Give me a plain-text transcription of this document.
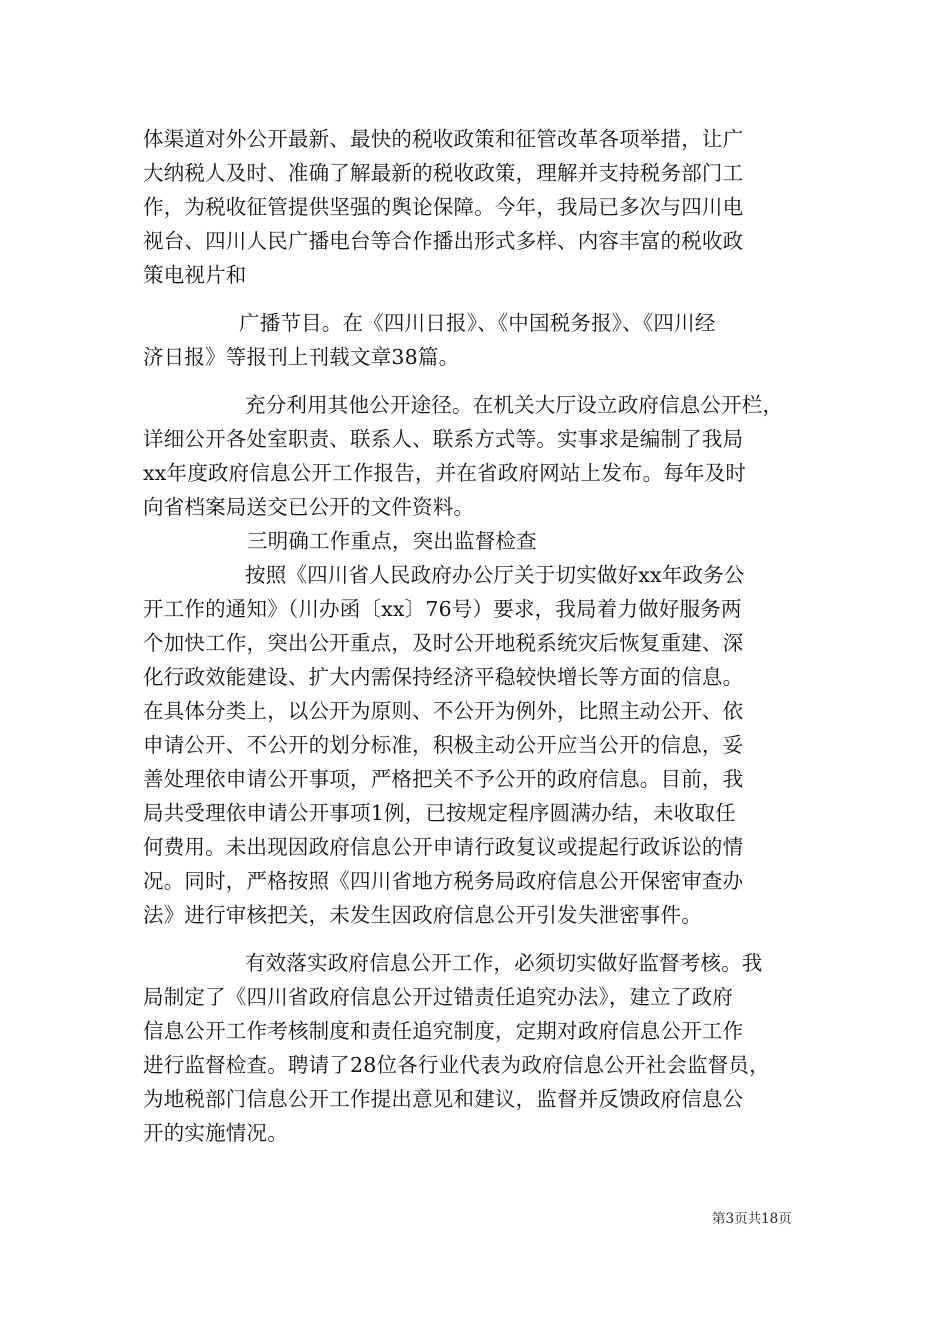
体渠道对外公开最新、最快的税收政策和征管改革各项举措，让广
大纳税人及时、准确了解最新的税收政策，理解并支持税务部门工
作，为税收征管提供坚强的舆论保障。今年，我局已多次与四川电
视台、四川人民广播电台等合作播出形式多样、内容丰富的税收政
策电视片和
广播节目。在《四川日报》、《中国税务报》、《四川经
济日报》等报刊上刊载文章38篇。
充分利用其他公开途径。在机关大厅设立政府信息公开栏，
详细公开各处室职责、联系人、联系方式等。实事求是编制了我局
xx年度政府信息公开工作报告，并在省政府网站上发布。每年及时
向省档案局送交已公开的文件资料。
三明确工作重点，突出监督检查
按照《四川省人民政府办公厅关于切实做好xx年政务公
开工作的通知》（川办函〔xx〕76号）要求，我局着力做好服务两
个加快工作，突出公开重点，及时公开地税系统灾后恢复重建、深
化行政效能建设、扩大内需保持经济平稳较快增长等方面的信息。
在具体分类上，以公开为原则、不公开为例外，比照主动公开、依
申请公开、不公开的划分标准，积极主动公开应当公开的信息，妥
善处理依申请公开事项，严格把关不予公开的政府信息。目前，我
局共受理依申请公开事项1例，已按规定程序圆满办结，未收取任
何费用。未出现因政府信息公开申请行政复议或提起行政诉讼的情
况。同时，严格按照《四川省地方税务局政府信息公开保密审查办
法》进行审核把关，未发生因政府信息公开引发失泄密事件。
有效落实政府信息公开工作，必须切实做好监督考核。我
局制定了《四川省政府信息公开过错责任追究办法》，建立了政府
信息公开工作考核制度和责任追究制度，定期对政府信息公开工作
进行监督检查。聘请了28位各行业代表为政府信息公开社会监督员，
为地税部门信息公开工作提出意见和建议，监督并反馈政府信息公
开的实施情况。
第3页共18页
